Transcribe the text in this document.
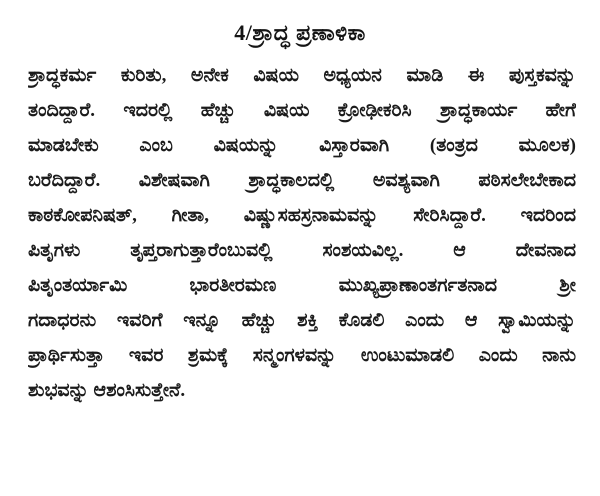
4/ಶ್ರಾದ್ಧ ಪ್ರಣಾಳಿಕಾ
ಶ್ರಾದ್ಧಕರ್ಮ ಕುರಿತು, ಅನೇಕ ವಿಷಯ ಅಧ್ಯಯನ ಮಾಡಿ ಈ ಪುಸ್ತಕವನ್ನು
ತಂದಿದ್ದಾರೆ. ಇದರಲ್ಲಿ ಹೆಚ್ಚು ವಿಷಯ ಕ್ರೋಢೀಕರಿಸಿ ಶ್ರಾದ್ಧಕಾರ್ಯ ಹೇಗೆ
ಮಾಡಬೇಕು ಎಂಬ ವಿಷಯನ್ನು ವಿಸ್ತಾರವಾಗಿ (ತಂತ್ರದ ಮೂಲಕ)
ಬರೆದಿದ್ದಾರೆ. ವಿಶೇಷವಾಗಿ ಶ್ರಾದ್ಧಕಾಲದಲ್ಲಿ ಅವಶ್ಯವಾಗಿ ಪಠಿಸಲೇಬೇಕಾದ
ಕಾಠಕೋಪನಿಷತ್, ಗೀತಾ, ವಿಷ್ಣುಸಹಸ್ರನಾಮವನ್ನು ಸೇರಿಸಿದ್ದಾರೆ. ಇದರಿಂದ
ಪಿತೃಗಳು ತೃಪ್ತರಾಗುತ್ತಾರೆಂಬುವಲ್ಲಿ ಸಂಶಯವಿಲ್ಲ. ಆ ದೇವನಾದ
ಪಿತೃಂತರ್ಯಾಮಿ ಭಾರತೀರಮಣ ಮುಖ್ಯಪ್ರಾಣಾಂತರ್ಗತನಾದ ಶ್ರೀ
ಗದಾಧರನು ಇವರಿಗೆ ಇನ್ನೂ ಹೆಚ್ಚು ಶಕ್ತಿ ಕೊಡಲಿ ಎಂದು ಆ ಸ್ವಾಮಿಯನ್ನು
ಪ್ರಾರ್ಥಿಸುತ್ತಾ ಇವರ ಶ್ರಮಕ್ಕೆ ಸನ್ಮಂಗಳವನ್ನು ಉಂಟುಮಾಡಲಿ ಎಂದು ನಾನು
ಶುಭವನ್ನು ಆಶಂಸಿಸುತ್ತೇನೆ.
